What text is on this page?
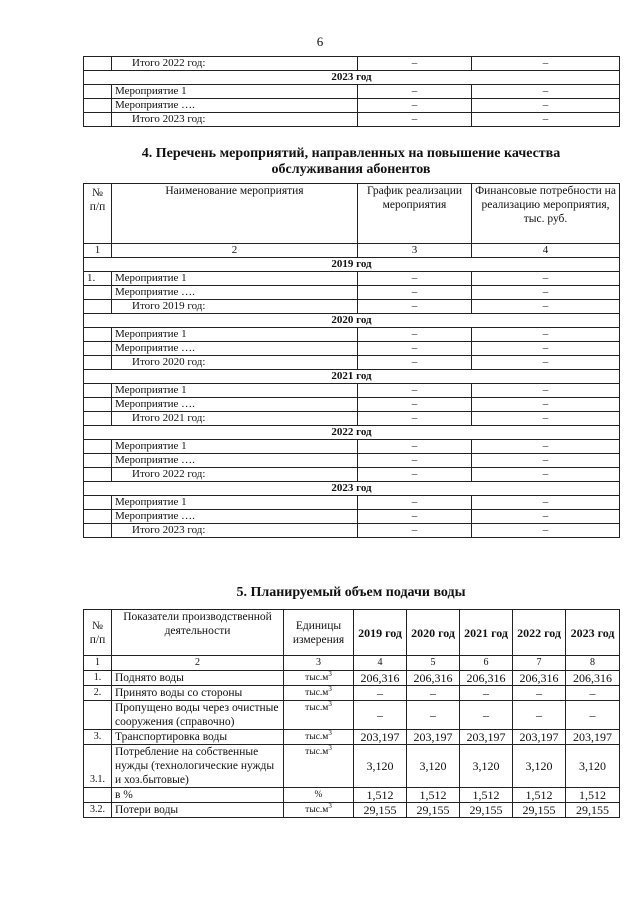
6
	Итого 2022 год:	–	–
2023 год			
	Мероприятие 1	–	–
	Мероприятие ….	–	–
	Итого 2023 год:	–	–
4. Перечень мероприятий, направленных на повышение качества
обслуживания абонентов
№ п/п	Наименование мероприятия	График реализации мероприятия	Финансовые потребности на реализацию мероприятия, тыс. руб.
1	2	3	4
2019 год			
1.	Мероприятие 1	–	–
	Мероприятие ….	–	–
	Итого 2019 год:	–	–
2020 год			
	Мероприятие 1	–	–
	Мероприятие ….	–	–
	Итого 2020 год:	–	–
2021 год			
	Мероприятие 1	–	–
	Мероприятие ….	–	–
	Итого 2021 год:	–	–
2022 год			
	Мероприятие 1	–	–
	Мероприятие ….	–	–
	Итого 2022 год:	–	–
2023 год			
	Мероприятие 1	–	–
	Мероприятие ….	–	–
	Итого 2023 год:	–	–
5. Планируемый объем подачи воды
№ п/п	Показатели производственной деятельности	Единицы измерения	2019 год	2020 год	2021 год	2022 год	2023 год
1	2	3	4	5	6	7	8
1.	Поднято воды	$тыс.м^3$	206,316	206,316	206,316	206,316	206,316
2.	Принято воды со стороны	$тыс.м^3$	–	–	–	–	–
	Пропущено воды через очистные сооружения (справочно)	$тыс.м^3$	–	–	–	–	–
3.	Транспортировка воды	$тыс.м^3$	203,197	203,197	203,197	203,197	203,197
3.1.	Потребление на собственные нужды (технологические нужды и хоз.бытовые)	$тыс.м^3$	3,120	3,120	3,120	3,120	3,120
	в %	%	1,512	1,512	1,512	1,512	1,512
3.2.	Потери воды	$тыс.м^3$	29,155	29,155	29,155	29,155	29,155
